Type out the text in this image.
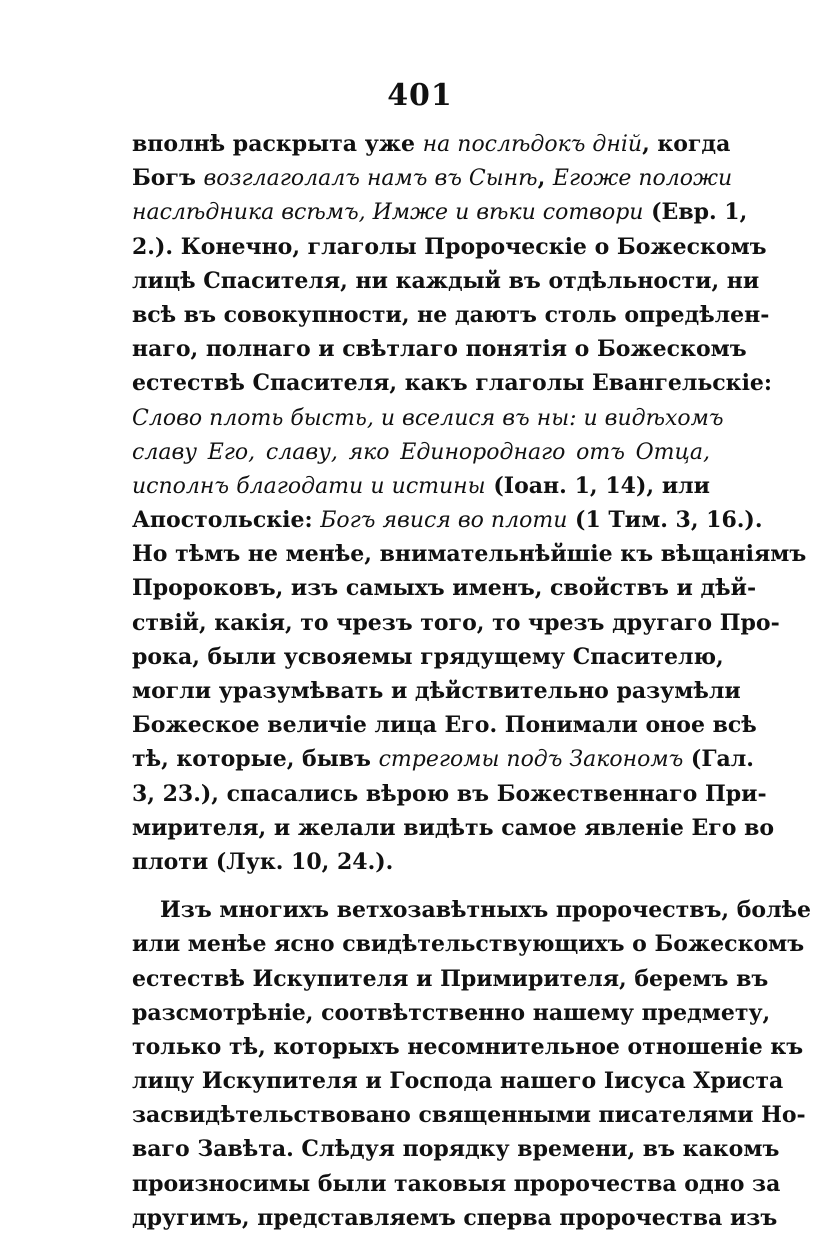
401
вполнѣ раскрыта уже на послѣдокъ дній, когда
Богъ возглаголалъ намъ въ Сынѣ, Егоже положи
наслѣдника всѣмъ, Имже и вѣки сотвори (Евр. 1,
2.). Конечно, глаголы Пророческіе о Божескомъ
лицѣ Спасителя, ни каждый въ отдѣльности, ни
всѣ въ совокупности, не даютъ столь опредѣлен-
наго, полнаго и свѣтлаго понятія о Божескомъ
естествѣ Спасителя, какъ глаголы Евангельскіе:
Слово плоть бысть, и вселися въ ны: и видѣхомъ
славу Его, славу, яко Единороднаго отъ Отца,
исполнъ благодати и истины (Іоан. 1, 14), или
Апостольскіе: Богъ явися во плоти (1 Тим. 3, 16.).
Но тѣмъ не менѣе, внимательнѣйшіе къ вѣщаніямъ
Пророковъ, изъ самыхъ именъ, свойствъ и дѣй-
ствій, какія, то чрезъ того, то чрезъ другаго Про-
рока, были усвояемы грядущему Спасителю,
могли уразумѣвать и дѣйствительно разумѣли
Божеское величіе лица Его. Понимали оное всѣ
тѣ, которые, бывъ стрегомы подъ Закономъ (Гал.
3, 23.), спасались вѣрою въ Божественнаго При-
мирителя, и желали видѣть самое явленіе Его во
плоти (Лук. 10, 24.).
Изъ многихъ ветхозавѣтныхъ пророчествъ, болѣе
или менѣе ясно свидѣтельствующихъ о Божескомъ
естествѣ Искупителя и Примирителя, беремъ въ
разсмотрѣніе, соотвѣтственно нашему предмету,
только тѣ, которыхъ несомнительное отношеніе къ
лицу Искупителя и Господа нашего Іисуса Христа
засвидѣтельствовано священными писателями Но-
ваго Завѣта. Слѣдуя порядку времени, въ какомъ
произносимы были таковыя пророчества одно за
другимъ, представляемъ сперва пророчества изъ
